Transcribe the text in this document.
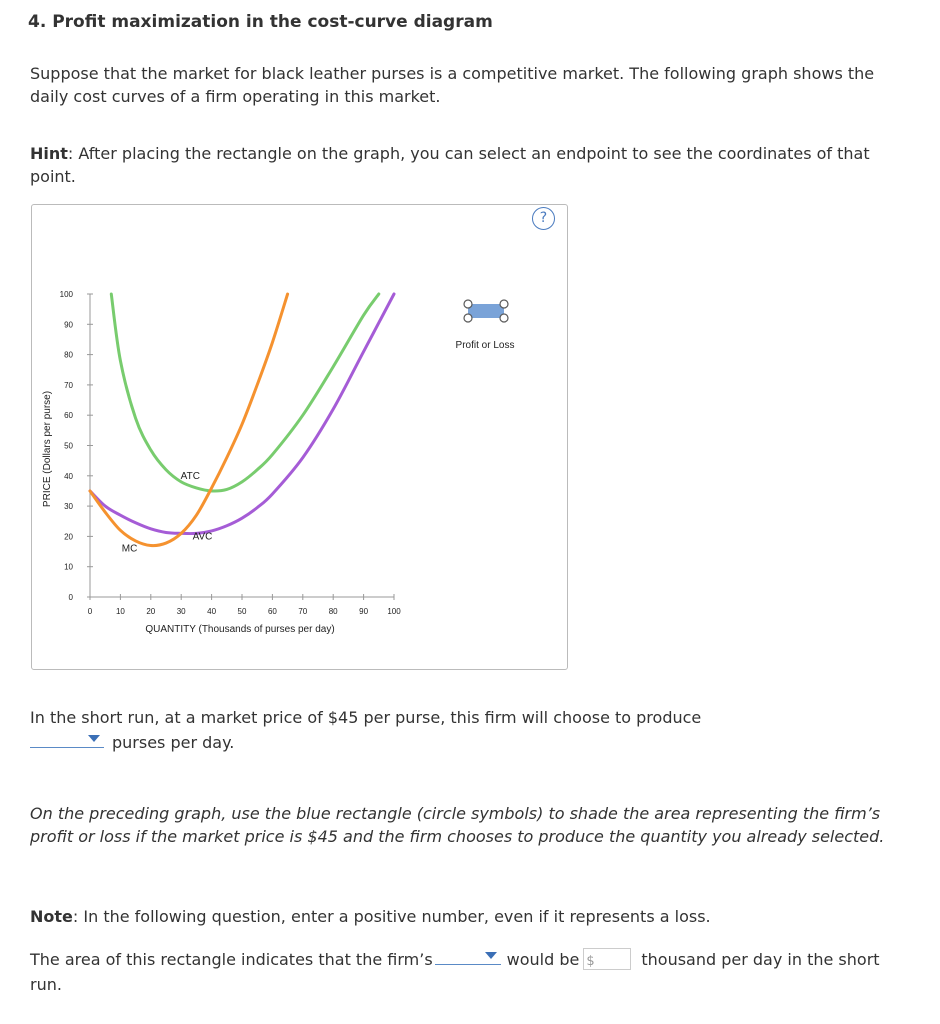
4. Profit maximization in the cost-curve diagram
Suppose that the market for black leather purses is a competitive market. The following graph shows the daily cost curves of a firm operating in this market.
Hint: After placing the rectangle on the graph, you can select an endpoint to see the coordinates of that point.
?
ATC
AVC
MC
0
10
20
30
40
50
60
70
80
90
100
0	10	20	30	40	50	60	70	80	90 100
QUANTITY (Thousands of purses per day)
PRICE (Dollars per purse)
Profit or Loss
In the short run, at a market price of $45 per purse, this firm will choose to produce

purses per day.
On the preceding graph, use the blue rectangle (circle symbols) to shade the area representing the firm’s profit or loss if the market price is $45 and the firm chooses to produce the quantity you already selected.
Note: In the following question, enter a positive number, even if it represents a loss.
The area of this rectangle indicates that the firm’s	would be $	thousand per day in the short run.
